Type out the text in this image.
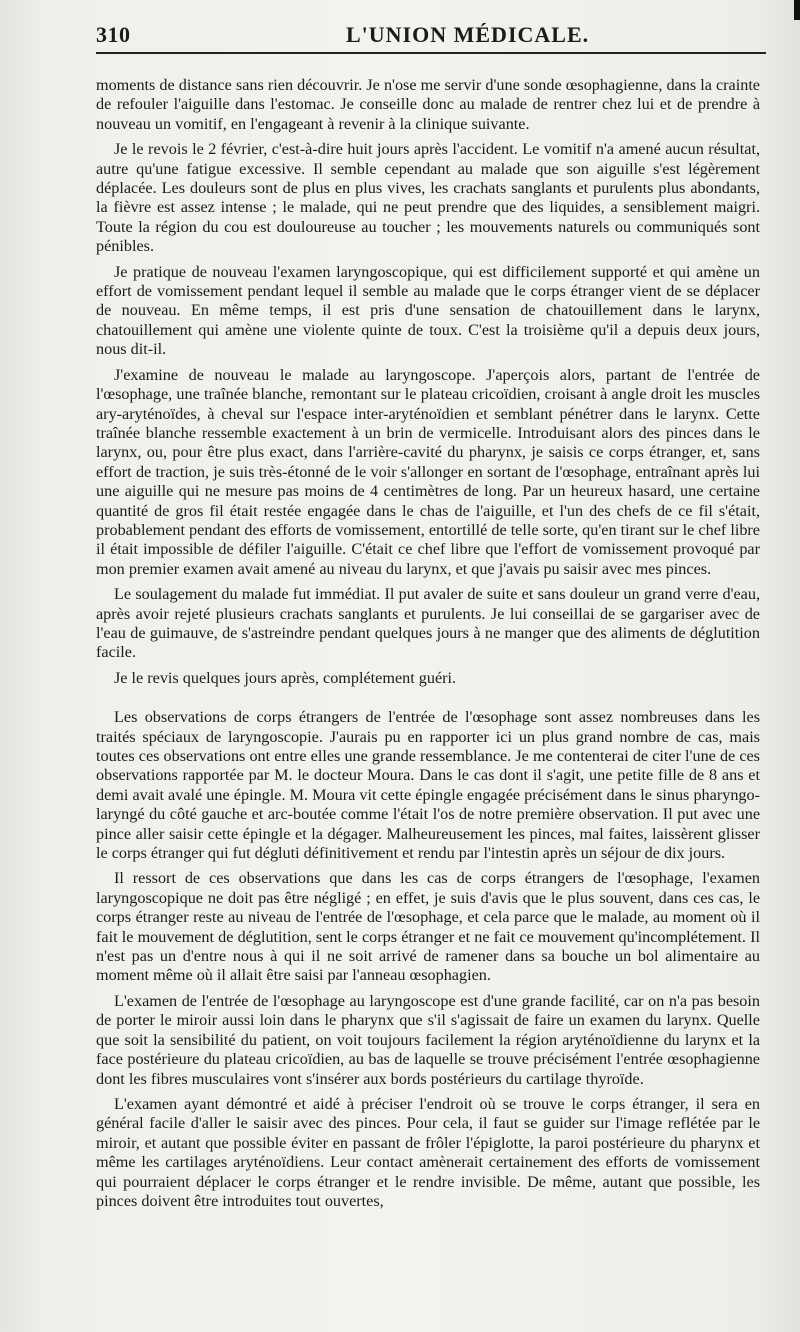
310	L'UNION MÉDICALE.

moments de distance sans rien découvrir. Je n'ose me servir d'une sonde œsophagienne, dans la crainte de refouler l'aiguille dans l'estomac. Je conseille donc au malade de rentrer chez lui et de prendre à nouveau un vomitif, en l'engageant à revenir à la clinique suivante.

Je le revois le 2 février, c'est-à-dire huit jours après l'accident. Le vomitif n'a amené aucun résultat, autre qu'une fatigue excessive. Il semble cependant au malade que son aiguille s'est légèrement déplacée. Les douleurs sont de plus en plus vives, les crachats sanglants et purulents plus abondants, la fièvre est assez intense ; le malade, qui ne peut prendre que des liquides, a sensiblement maigri. Toute la région du cou est douloureuse au toucher ; les mouvements naturels ou communiqués sont pénibles.

Je pratique de nouveau l'examen laryngoscopique, qui est difficilement supporté et qui amène un effort de vomissement pendant lequel il semble au malade que le corps étranger vient de se déplacer de nouveau. En même temps, il est pris d'une sensation de chatouillement dans le larynx, chatouillement qui amène une violente quinte de toux. C'est la troisième qu'il a depuis deux jours, nous dit-il.

J'examine de nouveau le malade au laryngoscope. J'aperçois alors, partant de l'entrée de l'œsophage, une traînée blanche, remontant sur le plateau cricoïdien, croisant à angle droit les muscles ary-aryténoïdes, à cheval sur l'espace inter-aryténoïdien et semblant pénétrer dans le larynx. Cette traînée blanche ressemble exactement à un brin de vermicelle. Introduisant alors des pinces dans le larynx, ou, pour être plus exact, dans l'arrière-cavité du pharynx, je saisis ce corps étranger, et, sans effort de traction, je suis très-étonné de le voir s'allonger en sortant de l'œsophage, entraînant après lui une aiguille qui ne mesure pas moins de 4 centimètres de long. Par un heureux hasard, une certaine quantité de gros fil était restée engagée dans le chas de l'aiguille, et l'un des chefs de ce fil s'était, probablement pendant des efforts de vomissement, entortillé de telle sorte, qu'en tirant sur le chef libre il était impossible de défiler l'aiguille. C'était ce chef libre que l'effort de vomissement provoqué par mon premier examen avait amené au niveau du larynx, et que j'avais pu saisir avec mes pinces.

Le soulagement du malade fut immédiat. Il put avaler de suite et sans douleur un grand verre d'eau, après avoir rejeté plusieurs crachats sanglants et purulents. Je lui conseillai de se gargariser avec de l'eau de guimauve, de s'astreindre pendant quelques jours à ne manger que des aliments de déglutition facile.

Je le revis quelques jours après, complétement guéri.

Les observations de corps étrangers de l'entrée de l'œsophage sont assez nombreuses dans les traités spéciaux de laryngoscopie. J'aurais pu en rapporter ici un plus grand nombre de cas, mais toutes ces observations ont entre elles une grande ressemblance. Je me contenterai de citer l'une de ces observations rapportée par M. le docteur Moura. Dans le cas dont il s'agit, une petite fille de 8 ans et demi avait avalé une épingle. M. Moura vit cette épingle engagée précisément dans le sinus pharyngo-laryngé du côté gauche et arc-boutée comme l'était l'os de notre première observation. Il put avec une pince aller saisir cette épingle et la dégager. Malheureusement les pinces, mal faites, laissèrent glisser le corps étranger qui fut dégluti définitivement et rendu par l'intestin après un séjour de dix jours.

Il ressort de ces observations que dans les cas de corps étrangers de l'œsophage, l'examen laryngoscopique ne doit pas être négligé ; en effet, je suis d'avis que le plus souvent, dans ces cas, le corps étranger reste au niveau de l'entrée de l'œsophage, et cela parce que le malade, au moment où il fait le mouvement de déglutition, sent le corps étranger et ne fait ce mouvement qu'incomplétement. Il n'est pas un d'entre nous à qui il ne soit arrivé de ramener dans sa bouche un bol alimentaire au moment même où il allait être saisi par l'anneau œsophagien.

L'examen de l'entrée de l'œsophage au laryngoscope est d'une grande facilité, car on n'a pas besoin de porter le miroir aussi loin dans le pharynx que s'il s'agissait de faire un examen du larynx. Quelle que soit la sensibilité du patient, on voit toujours facilement la région aryténoïdienne du larynx et la face postérieure du plateau cricoïdien, au bas de laquelle se trouve précisément l'entrée œsophagienne dont les fibres musculaires vont s'insérer aux bords postérieurs du cartilage thyroïde.

L'examen ayant démontré et aidé à préciser l'endroit où se trouve le corps étranger, il sera en général facile d'aller le saisir avec des pinces. Pour cela, il faut se guider sur l'image reflétée par le miroir, et autant que possible éviter en passant de frôler l'épiglotte, la paroi postérieure du pharynx et même les cartilages aryténoïdiens. Leur contact amènerait certainement des efforts de vomissement qui pourraient déplacer le corps étranger et le rendre invisible. De même, autant que possible, les pinces doivent être introduites tout ouvertes,
